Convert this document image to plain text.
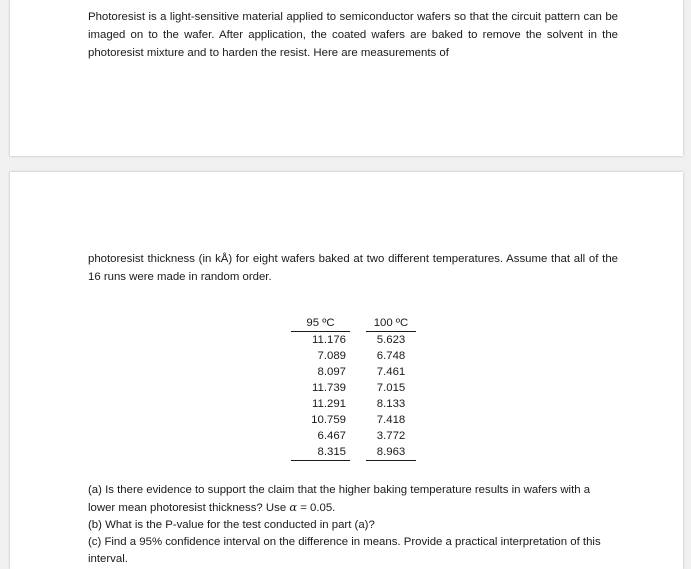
Photoresist is a light-sensitive material applied to semiconductor wafers so that the circuit pattern can be imaged on to the wafer. After application, the coated wafers are baked to remove the solvent in the photoresist mixture and to harden the resist. Here are measurements of

photoresist thickness (in kÅ) for eight wafers baked at two different temperatures. Assume that all of the 16 runs were made in random order.

95 ºC		100 ºC
11.176		5.623
7.089		6.748
8.097		7.461
11.739		7.015
11.291		8.133
10.759		7.418
6.467		3.772
8.315		8.963

(a) Is there evidence to support the claim that the higher baking temperature results in wafers with a lower mean photoresist thickness? Use α = 0.05.

(b) What is the P-value for the test conducted in part (a)?

(c) Find a 95% confidence interval on the difference in means. Provide a practical interpretation of this interval.
